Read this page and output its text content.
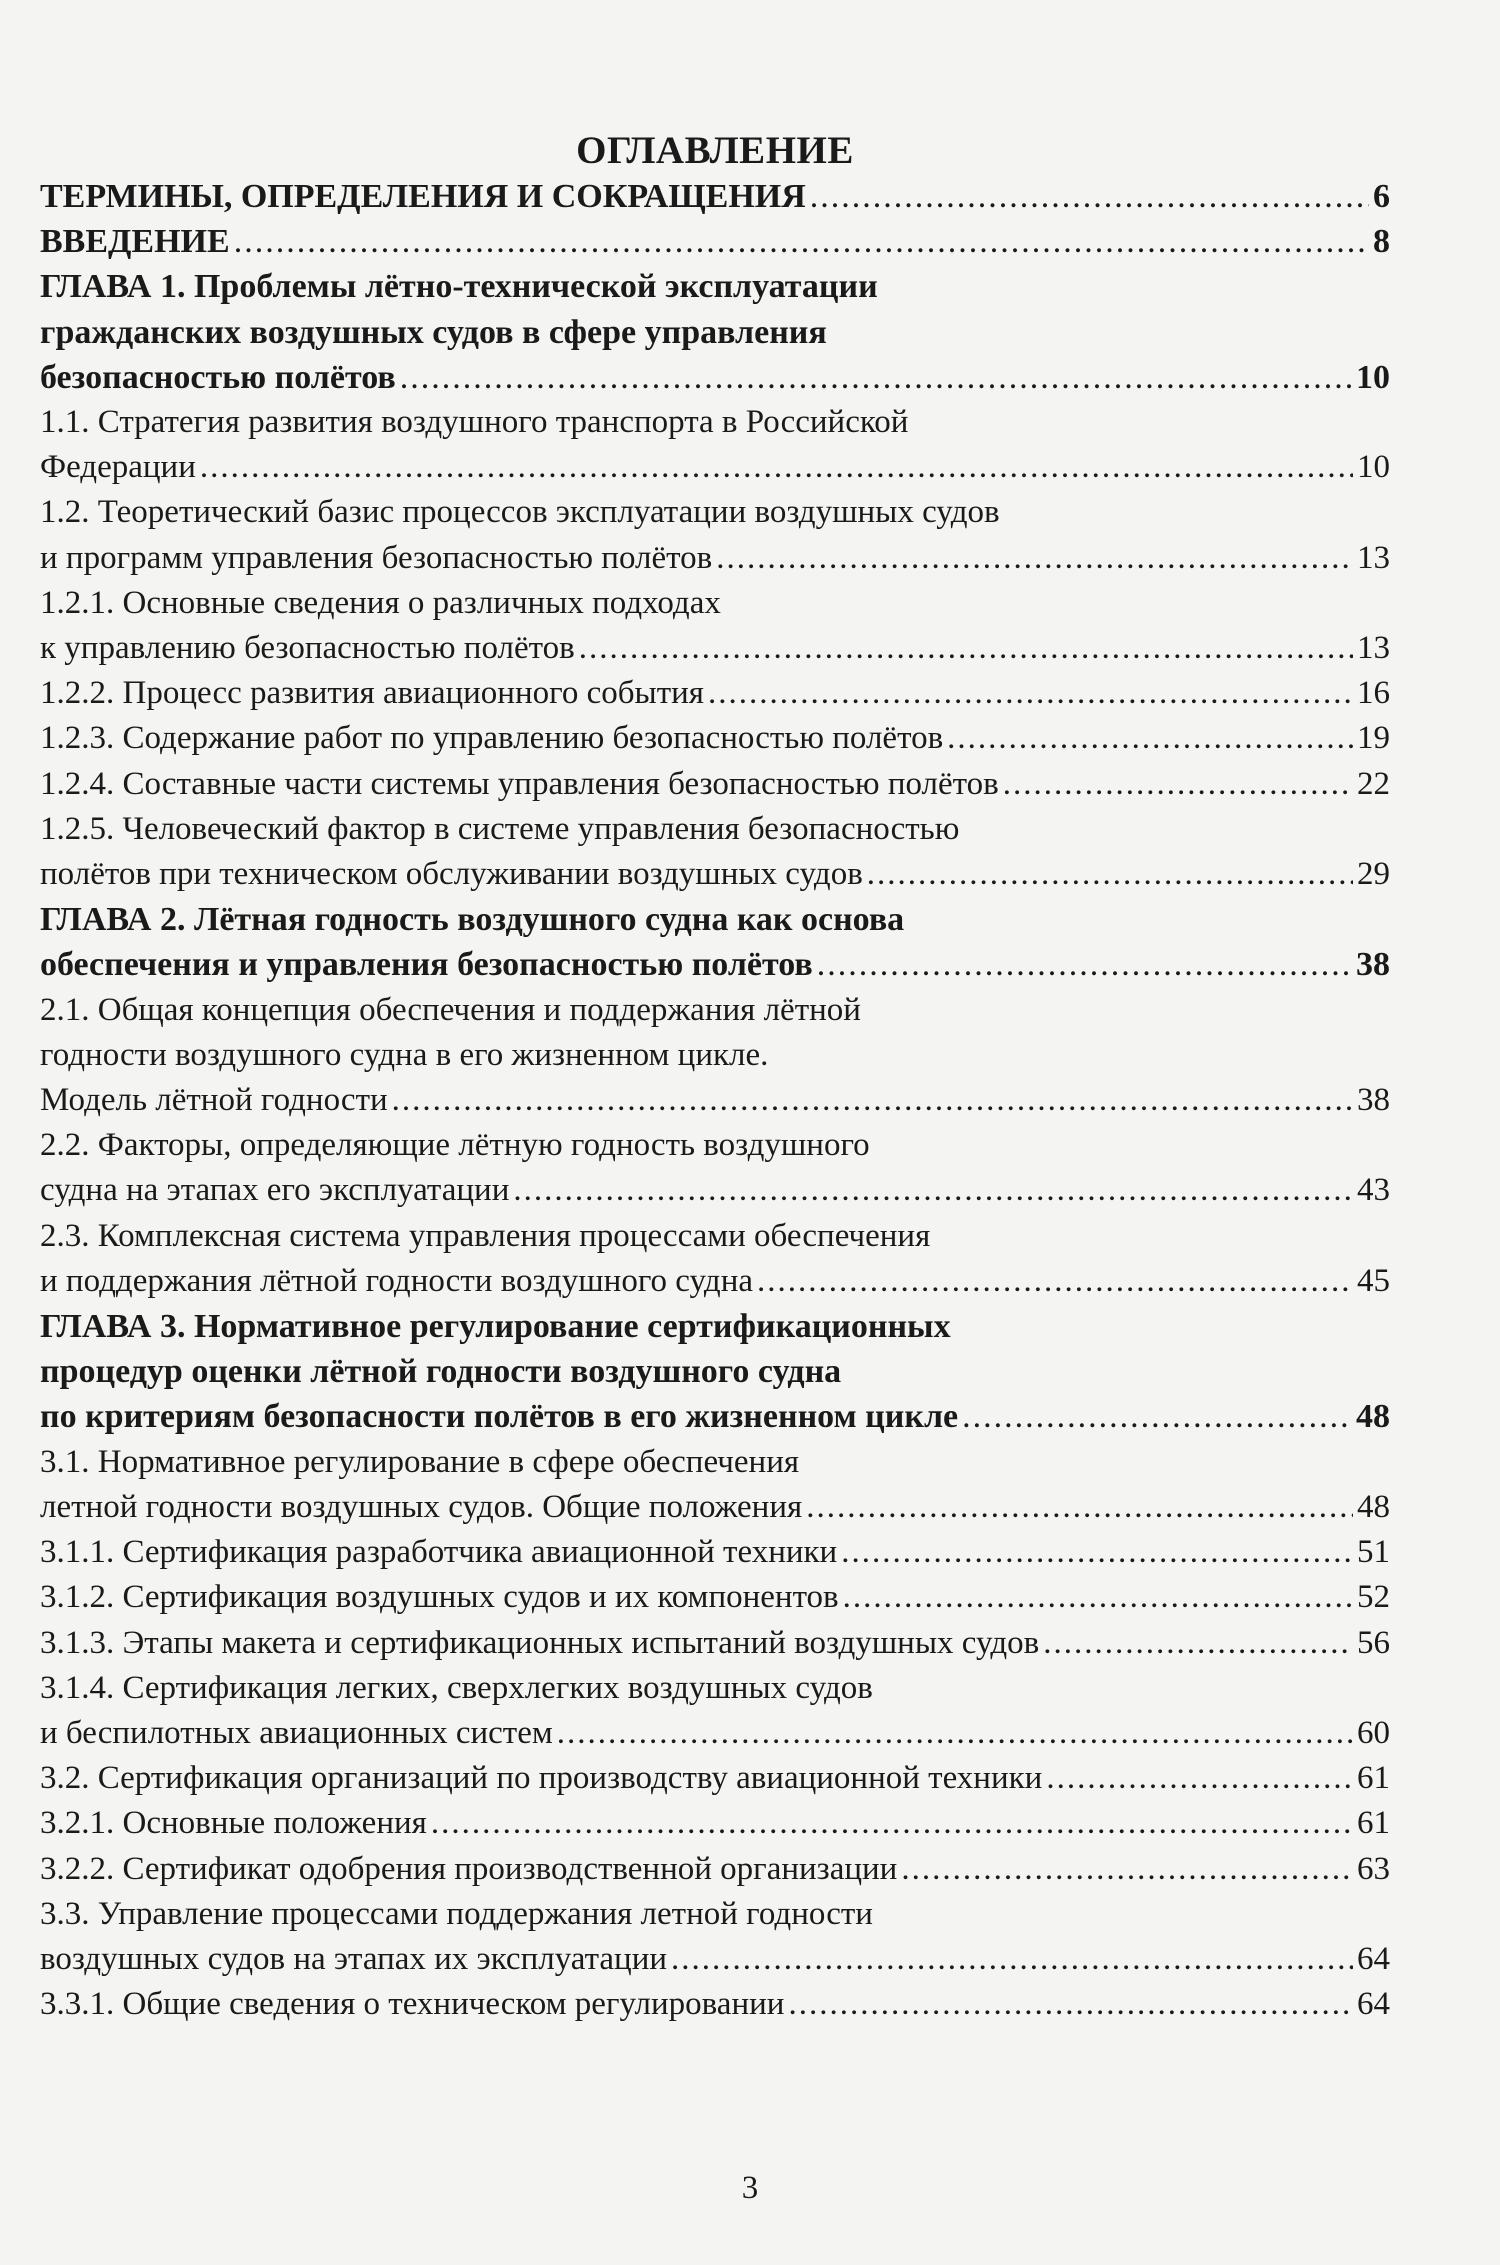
ОГЛАВЛЕНИЕ
ТЕРМИНЫ, ОПРЕДЕЛЕНИЯ И СОКРАЩЕНИЯ .....	6
ВВЕДЕНИЕ .....	8
ГЛАВА 1. Проблемы лётно-технической эксплуатации
гражданских воздушных судов в сфере управления
безопасностью полётов .....	10
1.1. Стратегия развития воздушного транспорта в Российской
Федерации .....	10
1.2. Теоретический базис процессов эксплуатации воздушных судов
и программ управления безопасностью полётов .....	13
1.2.1. Основные сведения о различных подходах
к управлению безопасностью полётов .....	13
1.2.2. Процесс развития авиационного события .....	16
1.2.3. Содержание работ по управлению безопасностью полётов .....	19
1.2.4. Составные части системы управления безопасностью полётов .....	22
1.2.5. Человеческий фактор в системе управления безопасностью
полётов при техническом обслуживании воздушных судов .....	29
ГЛАВА 2. Лётная годность воздушного судна как основа
обеспечения и управления безопасностью полётов .....	38
2.1. Общая концепция обеспечения и поддержания лётной
годности воздушного судна в его жизненном цикле.
Модель лётной годности .....	38
2.2. Факторы, определяющие лётную годность воздушного
судна на этапах его эксплуатации .....	43
2.3. Комплексная система управления процессами обеспечения
и поддержания лётной годности воздушного судна .....	45
ГЛАВА 3. Нормативное регулирование сертификационных
процедур оценки лётной годности воздушного судна
по критериям безопасности полётов в его жизненном цикле .....	48
3.1. Нормативное регулирование в сфере обеспечения
летной годности воздушных судов. Общие положения .....	48
3.1.1. Сертификация разработчика авиационной техники .....	51
3.1.2. Сертификация воздушных судов и их компонентов .....	52
3.1.3. Этапы макета и сертификационных испытаний воздушных судов .....	56
3.1.4. Сертификация легких, сверхлегких воздушных судов
и беспилотных авиационных систем .....	60
3.2. Сертификация организаций по производству авиационной техники .....	61
3.2.1. Основные положения .....	61
3.2.2. Сертификат одобрения производственной организации .....	63
3.3. Управление процессами поддержания летной годности
воздушных судов на этапах их эксплуатации .....	64
3.3.1. Общие сведения о техническом регулировании .....	64
3
